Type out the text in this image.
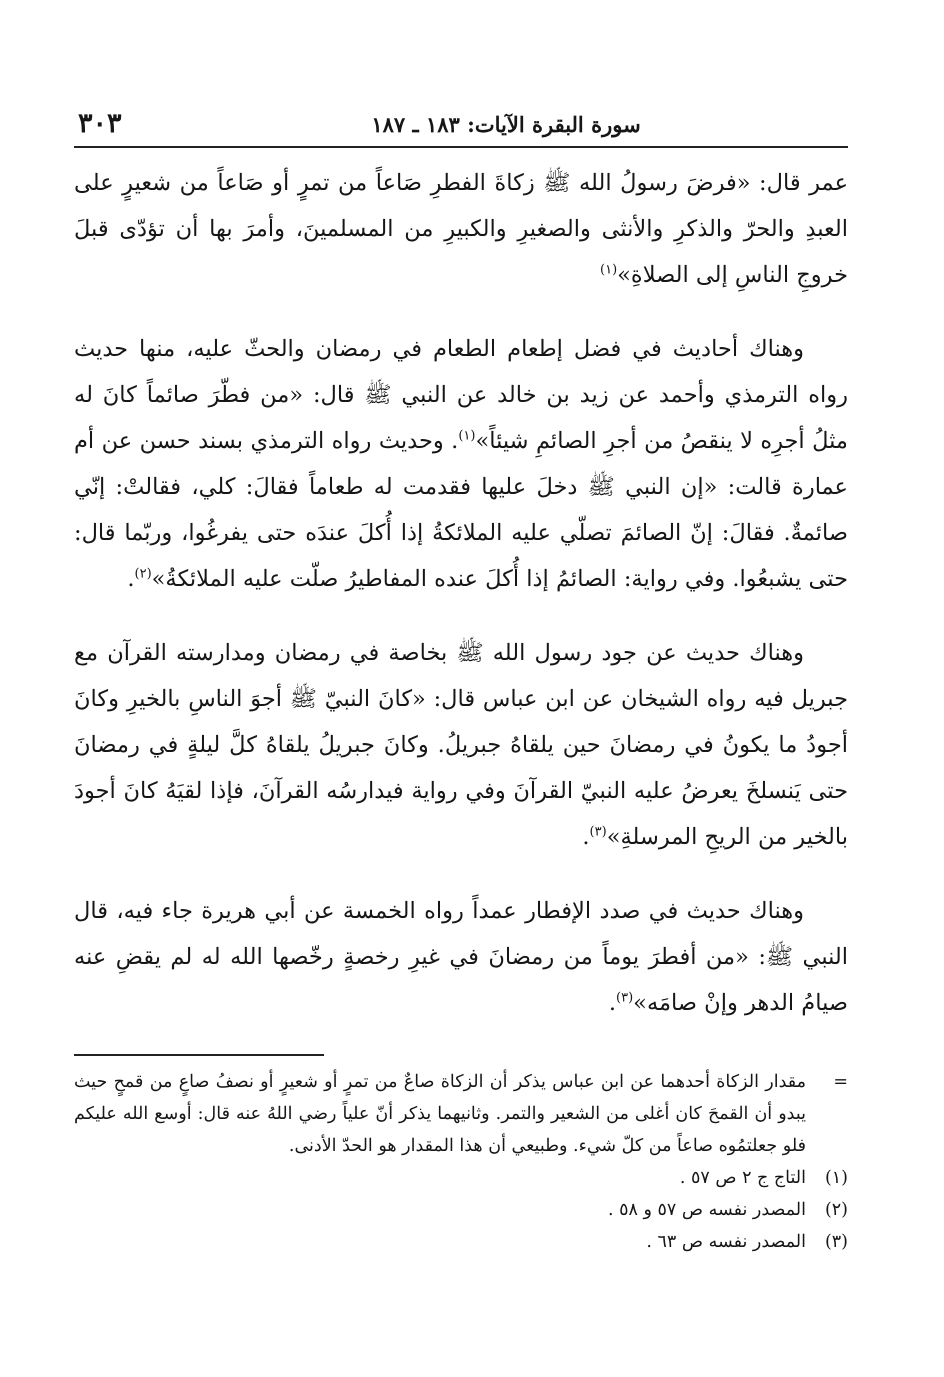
سورة البقرة الآيات: ١٨٣ ـ ١٨٧
٣٠٣

عمر قال: «فرضَ رسولُ الله ﷺ زكاةَ الفطرِ صَاعاً من تمرٍ أو صَاعاً من شعيرٍ على العبدِ والحرّ والذكرِ والأنثى والصغيرِ والكبيرِ من المسلمينَ، وأمرَ بها أن تؤدّى قبلَ خروجِ الناسِ إلى الصلاةِ»$^{(١)}$

وهناك أحاديث في فضل إطعام الطعام في رمضان والحثّ عليه، منها حديث رواه الترمذي وأحمد عن زيد بن خالد عن النبي ﷺ قال: «من فطّرَ صائماً كانَ له مثلُ أجرِه لا ينقصُ من أجرِ الصائمِ شيئاً»$^{(١)}$. وحديث رواه الترمذي بسند حسن عن أم عمارة قالت: «إن النبي ﷺ دخلَ عليها فقدمت له طعاماً فقالَ: كلي، فقالتْ: إنّي صائمةٌ. فقالَ: إنّ الصائمَ تصلّي عليه الملائكةُ إذا أُكلَ عندَه حتى يفرغُوا، وربّما قال: حتى يشبعُوا. وفي رواية: الصائمُ إذا أُكلَ عنده المفاطيرُ صلّت عليه الملائكةُ»$^{(٢)}$.

وهناك حديث عن جود رسول الله ﷺ بخاصة في رمضان ومدارسته القرآن مع جبريل فيه رواه الشيخان عن ابن عباس قال: «كانَ النبيّ ﷺ أجوَ الناسِ بالخيرِ وكانَ أجودُ ما يكونُ في رمضانَ حين يلقاهُ جبريلُ. وكانَ جبريلُ يلقاهُ كلَّ ليلةٍ في رمضانَ حتى يَنسلخَ يعرضُ عليه النبيّ القرآنَ وفي رواية فيدارسُه القرآنَ، فإذا لقيَهُ كانَ أجودَ بالخير من الريحِ المرسلةِ»$^{(٣)}$.

وهناك حديث في صدد الإفطار عمداً رواه الخمسة عن أبي هريرة جاء فيه، قال النبي ﷺ: «من أفطرَ يوماً من رمضانَ في غيرِ رخصةٍ رخّصها الله له لم يقضِ عنه صيامُ الدهر وإنْ صامَه»$^{(٣)}$.

=
مقدار الزكاة أحدهما عن ابن عباس يذكر أن الزكاة صاعٌ من تمرٍ أو شعيرٍ أو نصفُ صاعٍ من قمحٍ حيث يبدو أن القمحَ كان أغلى من الشعير والتمر. وثانيهما يذكر أنّ علياً رضي اللهُ عنه قال: أوسع الله عليكم فلو جعلتمُوه صاعاً من كلّ شيء. وطبيعي أن هذا المقدار هو الحدّ الأدنى.
(١)التاج ج ٢ ص ٥٧ .
(٢)المصدر نفسه ص ٥٧ و ٥٨ .
(٣)المصدر نفسه ص ٦٣ .
